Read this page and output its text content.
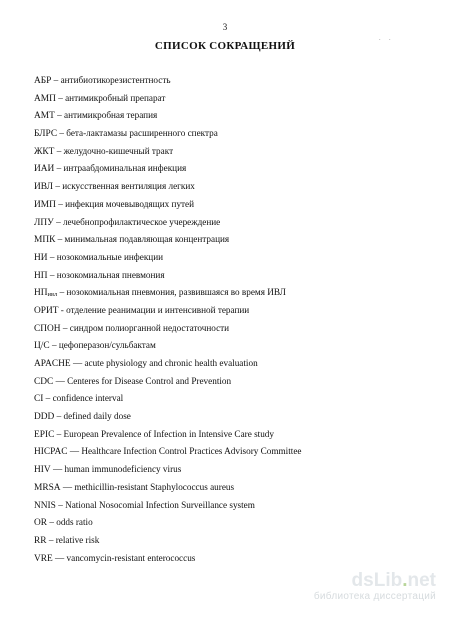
3
· ·
СПИСОК СОКРАЩЕНИЙ
АБР – антибиотикорезистентность
АМП – антимикробный препарат
АМТ – антимикробная терапия
БЛРС – бета-лактамазы расширенного спектра
ЖКТ – желудочно-кишечный тракт
ИАИ – интраабдоминальная инфекция
ИВЛ – искусственная вентиляция легких
ИМП – инфекция мочевыводящих путей
ЛПУ – лечебнопрофилактическое учереждение
МПК – минимальная подавляющая концентрация
НИ – нозокомиальные инфекции
НП – нозокомиальная пневмония
НПивл – нозокомиальная пневмония, развившаяся во время ИВЛ
ОРИТ - отделение реанимации и интенсивной терапии
СПОН – синдром полиорганной недостаточности
Ц/С – цефоперазон/сульбактам
APACHE — acute physiology and chronic health evaluation
CDC — Centeres for Disease Control and Prevention
CI – confidence interval
DDD – defined daily dose
EPIC – European Prevalence of Infection in Intensive Care study
HICPAC — Healthcare Infection Control Practices Advisory Committee
HIV — human immunodeficiency virus
MRSA — methicillin-resistant Staphylococcus aureus
NNIS – National Nosocomial Infection Surveillance system
OR – odds ratio
RR – relative risk
VRE — vancomycin-resistant enterococcus
dsLib.net
библиотека диссертаций
